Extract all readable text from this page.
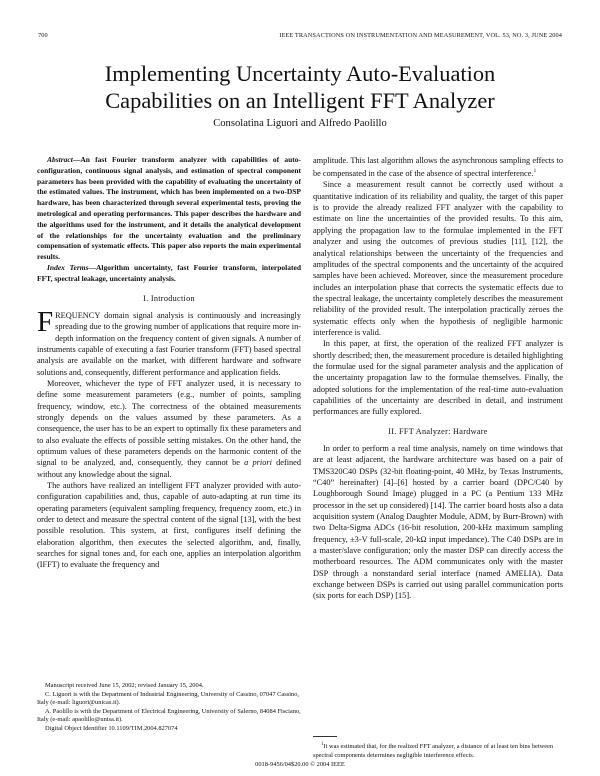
700	IEEE TRANSACTIONS ON INSTRUMENTATION AND MEASUREMENT, VOL. 53, NO. 3, JUNE 2004
Implementing Uncertainty Auto-Evaluation
Capabilities on an Intelligent FFT Analyzer
Consolatina Liguori and Alfredo Paolillo

Abstract—An fast Fourier transform analyzer with capabilities of auto-configuration, continuous signal analysis, and estimation of spectral component parameters has been provided with the capability of evaluating the uncertainty of the estimated values. The instrument, which has been implemented on a two-DSP hardware, has been characterized through several experimental tests, proving the metrological and operating performances. This paper describes the hardware and the algorithms used for the instrument, and it details the analytical development of the relationships for the uncertainty evaluation and the preliminary compensation of systematic effects. This paper also reports the main experimental results.

Index Terms—Algorithm uncertainty, fast Fourier transform, interpolated FFT, spectral leakage, uncertainty analysis.

I. Introduction

FREQUENCY domain signal analysis is continuously and increasingly spreading due to the growing number of applications that require more in-depth information on the frequency content of given signals. A number of instruments capable of executing a fast Fourier transform (FFT) based spectral analysis are available on the market, with different hardware and software solutions and, consequently, different performance and application fields.

Moreover, whichever the type of FFT analyzer used, it is necessary to define some measurement parameters (e.g., number of points, sampling frequency, window, etc.). The correctness of the obtained measurements strongly depends on the values assumed by these parameters. As a consequence, the user has to be an expert to optimally fix these parameters and to also evaluate the effects of possible setting mistakes. On the other hand, the optimum values of these parameters depends on the harmonic content of the signal to be analyzed, and, consequently, they cannot be a priori defined without any knowledge about the signal.

The authors have realized an intelligent FFT analyzer provided with auto-configuration capabilities and, thus, capable of auto-adapting at run time its operating parameters (equivalent sampling frequency, frequency zoom, etc.) in order to detect and measure the spectral content of the signal [13], with the best possible resolution. This system, at first, configures itself defining the elaboration algorithm, then executes the selected algorithm, and, finally, searches for signal tones and, for each one, applies an interpolation algorithm (IFFT) to evaluate the frequency and

amplitude. This last algorithm allows the asynchronous sampling effects to be compensated in the case of the absence of spectral interference.$^1$

Since a measurement result cannot be correctly used without a quantitative indication of its reliability and quality, the target of this paper is to provide the already realized FFT analyzer with the capability to estimate on line the uncertainties of the provided results. To this aim, applying the propagation law to the formulae implemented in the FFT analyzer and using the outcomes of previous studies [11], [12], the analytical relationships between the uncertainty of the frequencies and amplitudes of the spectral components and the uncertainty of the acquired samples have been achieved. Moreover, since the measurement procedure includes an interpolation phase that corrects the systematic effects due to the spectral leakage, the uncertainty completely describes the measurement reliability of the provided result. The interpolation practically zeroes the systematic effects only when the hypothesis of negligible harmonic interference is valid.

In this paper, at first, the operation of the realized FFT analyzer is shortly described; then, the measurement procedure is detailed highlighting the formulae used for the signal parameter analysis and the application of the uncertainty propagation law to the formulae themselves. Finally, the adopted solutions for the implementation of the real-time auto-evaluation capabilities of the uncertainty are described in detail, and instrument performances are fully explored.

II. FFT Analyzer: Hardware

In order to perform a real time analysis, namely on time windows that are at least adjacent, the hardware architecture was based on a pair of TMS320C40 DSPs (32-bit floating-point, 40 MHz, by Texas Instruments, “C40” hereinafter) [4]–[6] hosted by a carrier board (DPC/C40 by Loughborough Sound Image) plugged in a PC (a Pentium 133 MHz processor in the set up considered) [14]. The carrier board hosts also a data acquisition system (Analog Daughter Module, ADM, by Burr-Brown) with two Delta-Sigma ADCs (16-bit resolution, 200-kHz maximum sampling frequency, ±3-V full-scale, 20-kΩ input impedance). The C40 DSPs are in a master/slave configuration; only the master DSP can directly access the motherboard resources. The ADM communicates only with the master DSP through a nonstandard serial interface (named AMELIA). Data exchange between DSPs is carried out using parallel communication ports (six ports for each DSP) [15].

Manuscript received June 15, 2002; revised January 15, 2004.

C. Liguori is with the Department of Industrial Engineering, University of Cassino, 07047 Cassino, Italy (e-mail: liguori@unicas.it).

A. Paolillo is with the Department of Electrical Engineering, University of Salerno, 84084 Fisciano, Italy (e-mail: apaolillo@unisa.it).

Digital Object Identifier 10.1109/TIM.2004.827074

$^1$It was estimated that, for the realized FFT analyzer, a distance of at least ten bins between spectral components determines negligible interference effects.

0018-9456/04$20.00 © 2004 IEEE
